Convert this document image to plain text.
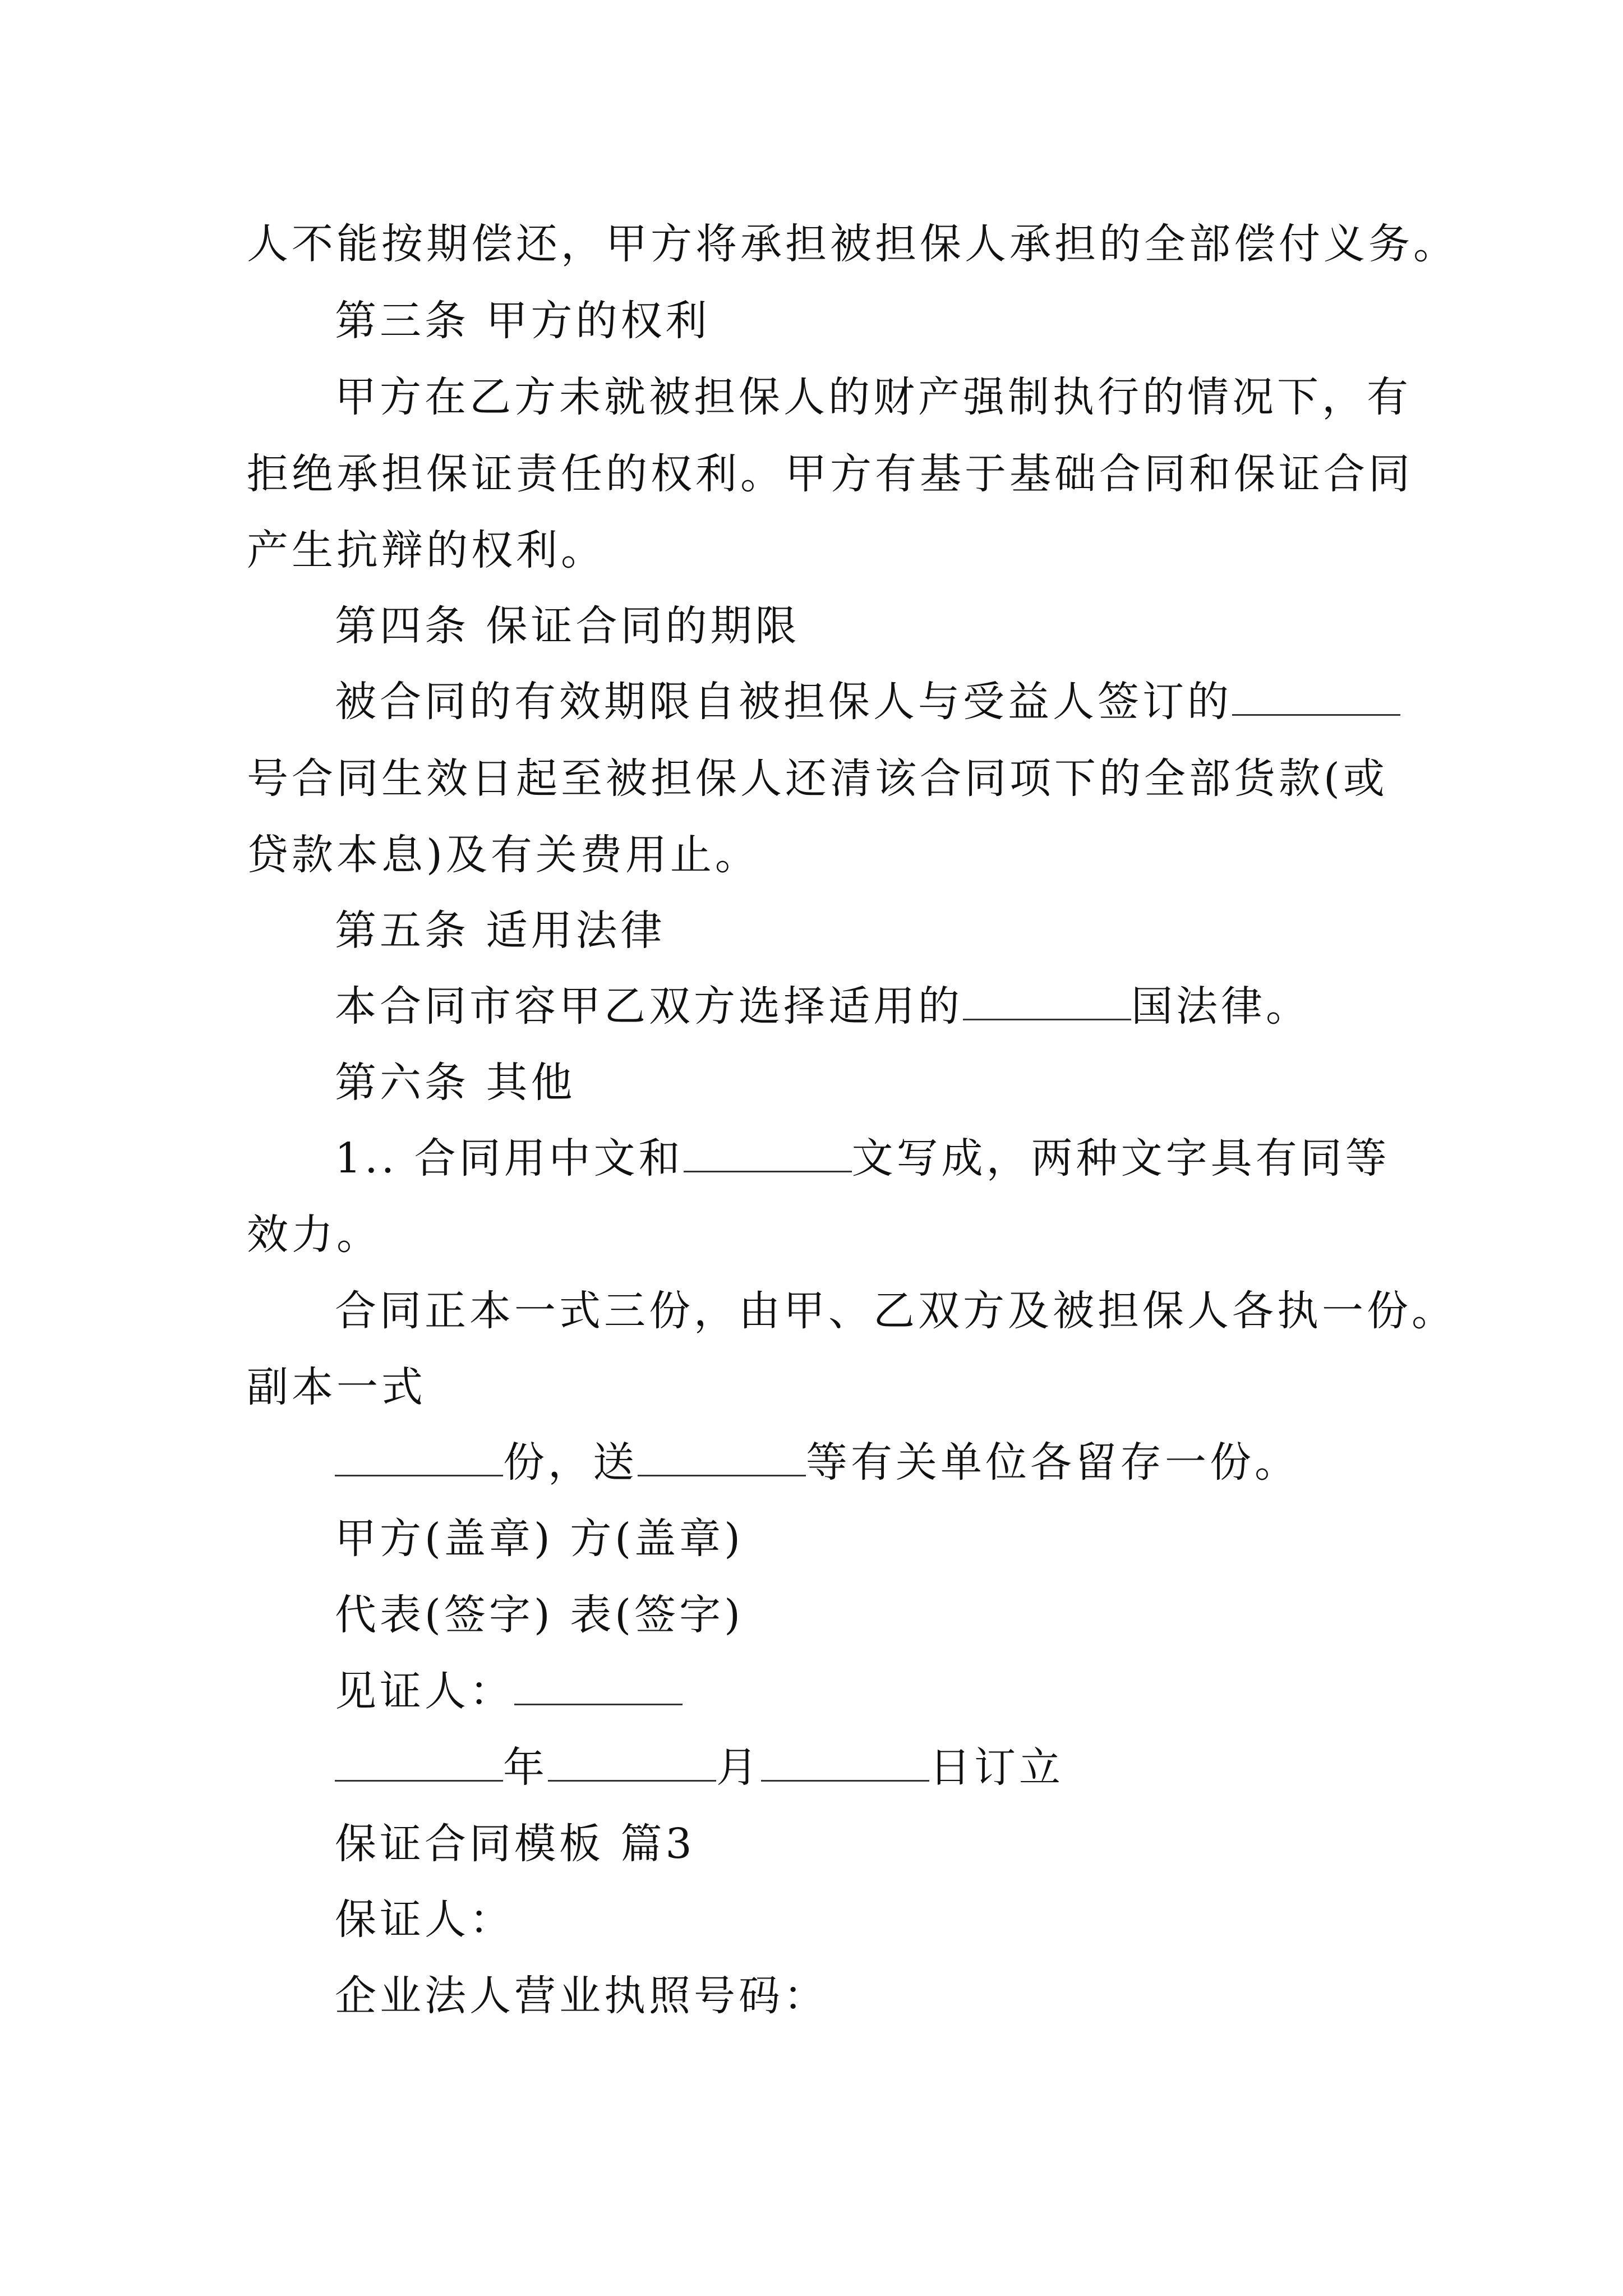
人不能按期偿还，甲方将承担被担保人承担的全部偿付义务。
第三条 甲方的权利
甲方在乙方未就被担保人的财产强制执行的情况下，有
拒绝承担保证责任的权利。甲方有基于基础合同和保证合同
产生抗辩的权利。
第四条 保证合同的期限
被合同的有效期限自被担保人与受益人签订的
号合同生效日起至被担保人还清该合同项下的全部货款(或
贷款本息)及有关费用止。
第五条 适用法律
本合同市容甲乙双方选择适用的	国法律。
第六条 其他
1.. 合同用中文和	文写成，两种文字具有同等
效力。
合同正本一式三份，由甲、乙双方及被担保人各执一份。
副本一式
份，送	等有关单位各留存一份。
甲方(盖章) 方(盖章)
代表(签字) 表(签字)
见证人：
年	月	日订立
保证合同模板 篇3
保证人：
企业法人营业执照号码：
